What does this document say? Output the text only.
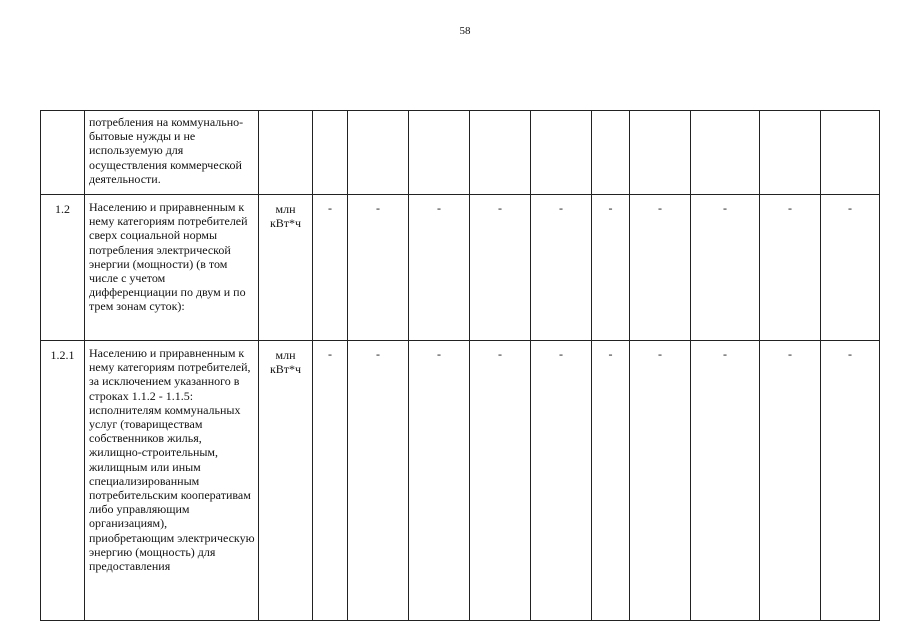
58

	потребления на коммунально-бытовые нужды и не используемую для осуществления коммерческой деятельности.											

1.2	Населению и приравненным к нему категориям потребителей сверх социальной нормы потребления электрической энергии (мощности) (в том числе с учетом дифференциации по двум и по трем зонам суток):	млн кВт*ч	-	-	-	-	-	-	-	-	-	-
1.2.1	Населению и приравненным к нему категориям потребителей, за исключением указанного в строках 1.1.2 - 1.1.5: исполнителям коммунальных услуг (товариществам собственников жилья, жилищно-строительным, жилищным или иным специализированным потребительским кооперативам либо управляющим организациям), приобретающим электрическую энергию (мощность) для предоставления	млн кВт*ч	-	-	-	-	-	-	-	-	-	-
